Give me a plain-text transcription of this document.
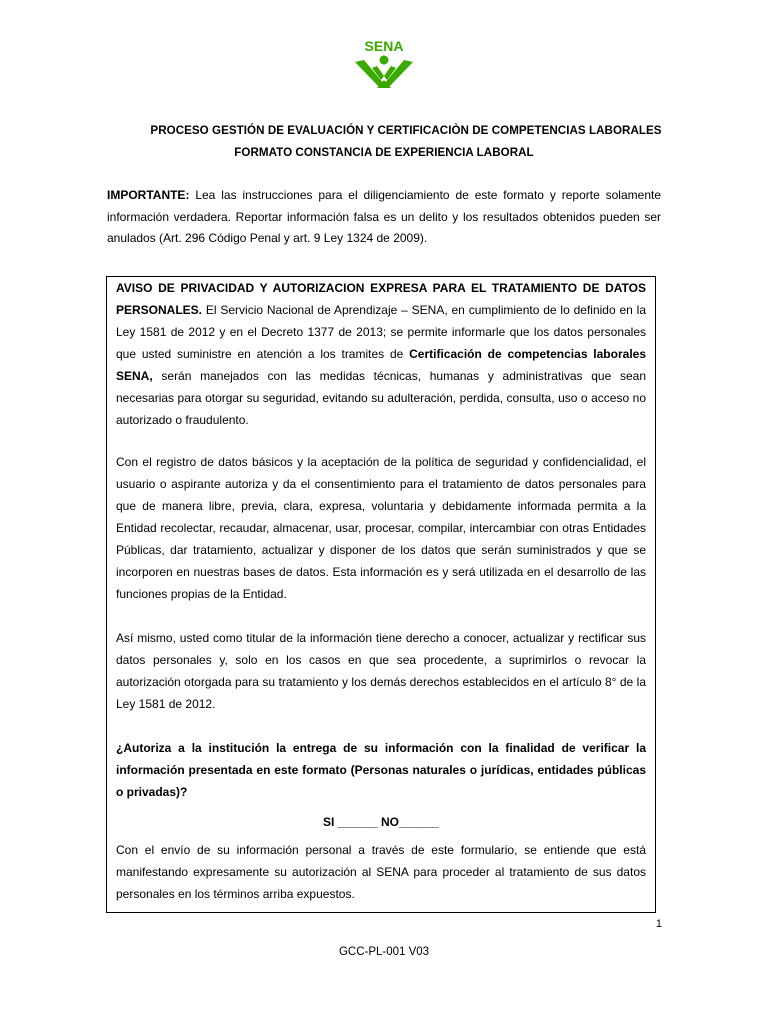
SENA
PROCESO GESTIÓN DE EVALUACIÓN Y CERTIFICACIÒN DE COMPETENCIAS LABORALES
FORMATO CONSTANCIA DE EXPERIENCIA LABORAL
IMPORTANTE: Lea las instrucciones para el diligenciamiento de este formato y reporte solamente información verdadera. Reportar información falsa es un delito y los resultados obtenidos pueden ser anulados (Art. 296 Código Penal y art. 9 Ley 1324 de 2009).
AVISO DE PRIVACIDAD Y AUTORIZACION EXPRESA PARA EL TRATAMIENTO DE DATOS PERSONALES. El Servicio Nacional de Aprendizaje – SENA, en cumplimiento de lo definido en la Ley 1581 de 2012 y en el Decreto 1377 de 2013; se permite informarle que los datos personales que usted suministre en atención a los tramites de Certificación de competencias laborales SENA, serán manejados con las medidas técnicas, humanas y administrativas que sean necesarias para otorgar su seguridad, evitando su adulteración, perdida, consulta, uso o acceso no autorizado o fraudulento.
Con el registro de datos básicos y la aceptación de la política de seguridad y confidencialidad, el usuario o aspirante autoriza y da el consentimiento para el tratamiento de datos personales para que de manera libre, previa, clara, expresa, voluntaria y debidamente informada permita a la Entidad recolectar, recaudar, almacenar, usar, procesar, compilar, intercambiar con otras Entidades Públicas, dar tratamiento, actualizar y disponer de los datos que serán suministrados y que se incorporen en nuestras bases de datos. Esta información es y será utilizada en el desarrollo de las funciones propias de la Entidad.
Así mismo, usted como titular de la información tiene derecho a conocer, actualizar y rectificar sus datos personales y, solo en los casos en que sea procedente, a suprimirlos o revocar la autorización otorgada para su tratamiento y los demás derechos establecidos en el artículo 8° de la Ley 1581 de 2012.
¿Autoriza a la institución la entrega de su información con la finalidad de verificar la información presentada en este formato (Personas naturales o jurídicas, entidades públicas o privadas)?
SI ______ NO______
Con el envío de su información personal a través de este formulario, se entiende que está manifestando expresamente su autorización al SENA para proceder al tratamiento de sus datos personales en los términos arriba expuestos.
1
GCC-PL-001 V03
